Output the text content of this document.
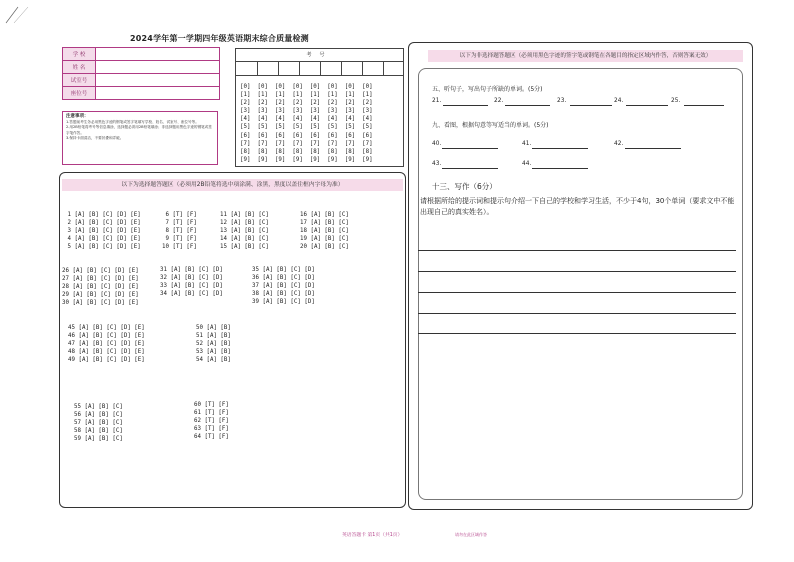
2024学年第一学期四年级英语期末综合质量检测
学 校	
姓 名	
试室号	
座位号	
注意事项：
1.答题前考生务必用黑色字迹的钢笔或签字笔填写学校、姓名、试室号、座位号等。
2.用2B铅笔将考号等信息填涂，选择题必须用2B铅笔填涂；非选择题用黑色字迹的钢笔或签字笔作答。
3.保持卡面清洁，不要折叠和弄破。
考号
[0]  [0]  [0]  [0]  [0]  [0]  [0]  [0]
[1]  [1]  [1]  [1]  [1]  [1]  [1]  [1]
[2]  [2]  [2]  [2]  [2]  [2]  [2]  [2]
[3]  [3]  [3]  [3]  [3]  [3]  [3]  [3]
[4]  [4]  [4]  [4]  [4]  [4]  [4]  [4]
[5]  [5]  [5]  [5]  [5]  [5]  [5]  [5]
[6]  [6]  [6]  [6]  [6]  [6]  [6]  [6]
[7]  [7]  [7]  [7]  [7]  [7]  [7]  [7]
[8]  [8]  [8]  [8]  [8]  [8]  [8]  [8]
[9]  [9]  [9]  [9]  [9]  [9]  [9]  [9]
以下为选择题答题区（必须用2B铅笔将选中项涂满、涂黑，黑度以盖住框内字母为准）
1 [A] [B] [C] [D] [E]
2 [A] [B] [C] [D] [E]
3 [A] [B] [C] [D] [E]
4 [A] [B] [C] [D] [E]
5 [A] [B] [C] [D] [E]
6 [T] [F]
7 [T] [F]
8 [T] [F]
9 [T] [F]
10 [T] [F]
11 [A] [B] [C]
12 [A] [B] [C]
13 [A] [B] [C]
14 [A] [B] [C]
15 [A] [B] [C]
16 [A] [B] [C]
17 [A] [B] [C]
18 [A] [B] [C]
19 [A] [B] [C]
20 [A] [B] [C]
26 [A] [B] [C] [D] [E]
27 [A] [B] [C] [D] [E]
28 [A] [B] [C] [D] [E]
29 [A] [B] [C] [D] [E]
30 [A] [B] [C] [D] [E]
31 [A] [B] [C] [D]
32 [A] [B] [C] [D]
33 [A] [B] [C] [D]
34 [A] [B] [C] [D]
35 [A] [B] [C] [D]
36 [A] [B] [C] [D]
37 [A] [B] [C] [D]
38 [A] [B] [C] [D]
39 [A] [B] [C] [D]
45 [A] [B] [C] [D] [E]
46 [A] [B] [C] [D] [E]
47 [A] [B] [C] [D] [E]
48 [A] [B] [C] [D] [E]
49 [A] [B] [C] [D] [E]
50 [A] [B]
51 [A] [B]
52 [A] [B]
53 [A] [B]
54 [A] [B]
55 [A] [B] [C]
56 [A] [B] [C]
57 [A] [B] [C]
58 [A] [B] [C]
59 [A] [B] [C]
60 [T] [F]
61 [T] [F]
62 [T] [F]
63 [T] [F]
64 [T] [F]
以下为非选择题答题区（必须用黑色字迹的签字笔或钢笔在各题目的指定区域内作答，否则答案无效）
五、听句子，写出句子所缺的单词。(5分)
21.	22.	23.	24.	25.
九、看图，根据句意等写适当的单词。(5分)
40.	41.	42.
43.	44.
十三、写作（6分）
请根据所给的提示词和提示句介绍一下自己的学校和学习生活，不少于4句，30个单词（要求文中不能出现自己的真实姓名）。
英语答题卡 第1页（共1页）	请勿在此区域作答
